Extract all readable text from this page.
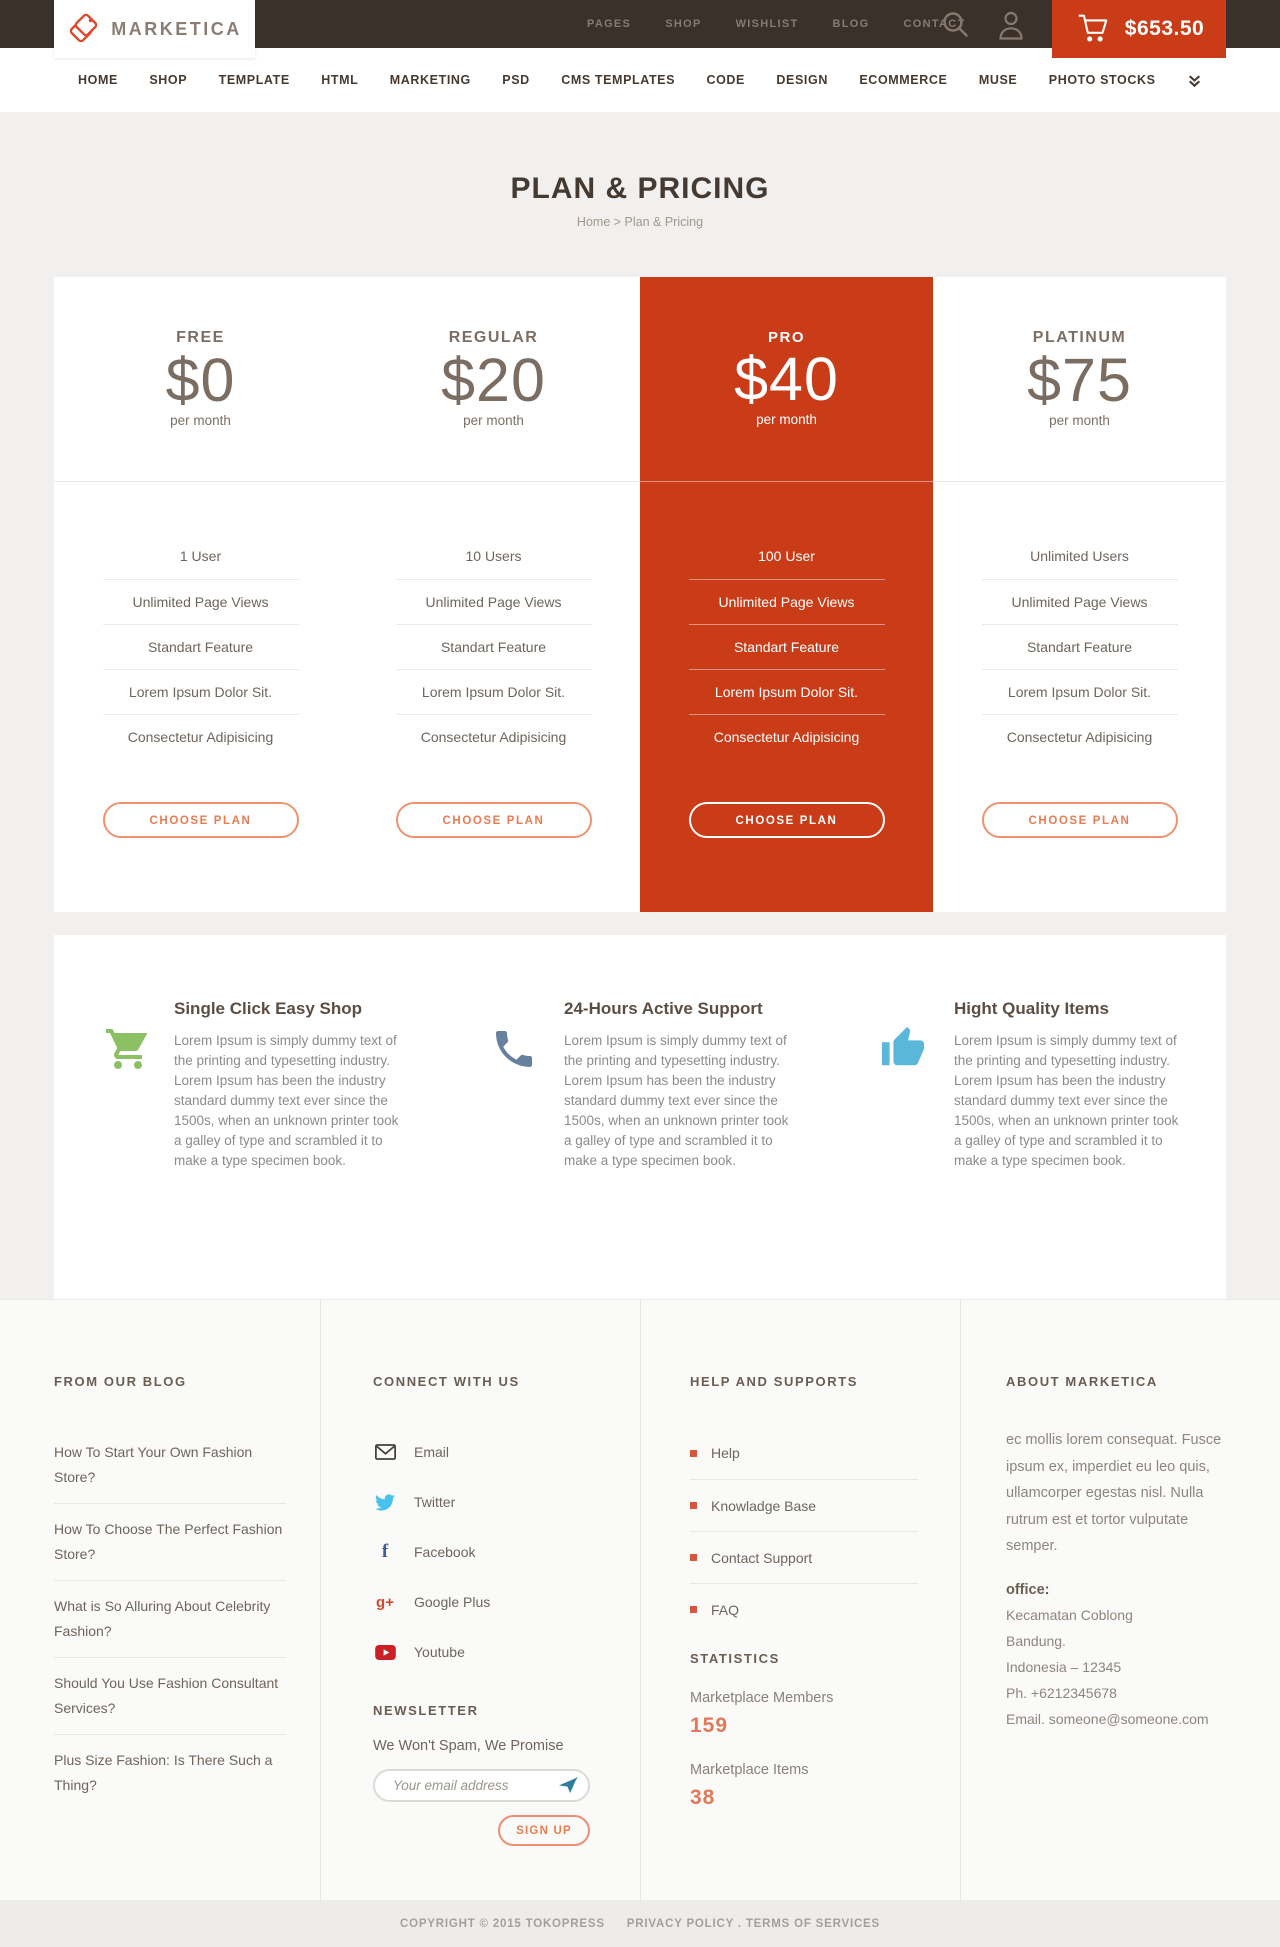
MARKETICA	PAGES	SHOP	WISHLIST	BLOG	CONTACT	$653.50
HOME	SHOP	TEMPLATE	HTML	MARKETING	PSD	CMS TEMPLATES	CODE	DESIGN	ECOMMERCE	MUSE	PHOTO STOCKS
PLAN & PRICING
Home > Plan & Pricing
FREE
$0
per month
1 User
Unlimited Page Views
Standart Feature
Lorem Ipsum Dolor Sit.
Consectetur Adipisicing
CHOOSE PLAN
REGULAR
$20
per month
10 Users
Unlimited Page Views
Standart Feature
Lorem Ipsum Dolor Sit.
Consectetur Adipisicing
CHOOSE PLAN
PRO
$40
per month
100 User
Unlimited Page Views
Standart Feature
Lorem Ipsum Dolor Sit.
Consectetur Adipisicing
CHOOSE PLAN
PLATINUM
$75
per month
Unlimited Users
Unlimited Page Views
Standart Feature
Lorem Ipsum Dolor Sit.
Consectetur Adipisicing
CHOOSE PLAN
Single Click Easy Shop

Lorem Ipsum is simply dummy text of the printing and typesetting industry. Lorem Ipsum has been the industry standard dummy text ever since the 1500s, when an unknown printer took a galley of type and scrambled it to make a type specimen book.

24-Hours Active Support

Lorem Ipsum is simply dummy text of the printing and typesetting industry. Lorem Ipsum has been the industry standard dummy text ever since the 1500s, when an unknown printer took a galley of type and scrambled it to make a type specimen book.

Hight Quality Items

Lorem Ipsum is simply dummy text of the printing and typesetting industry. Lorem Ipsum has been the industry standard dummy text ever since the 1500s, when an unknown printer took a galley of type and scrambled it to make a type specimen book.

FROM OUR BLOG
How To Start Your Own Fashion Store?
How To Choose The Perfect Fashion Store?
What is So Alluring About Celebrity Fashion?
Should You Use Fashion Consultant Services?
Plus Size Fashion: Is There Such a Thing?
CONNECT WITH US
Email
Twitter
f Facebook
g+ Google Plus
Youtube
NEWSLETTER
We Won't Spam, We Promise
Your email address
SIGN UP
HELP AND SUPPORTS
Help
Knowladge Base
Contact Support
FAQ
STATISTICS
Marketplace Members
159
Marketplace Items
38
ABOUT MARKETICA

ec mollis lorem consequat. Fusce ipsum ex, imperdiet eu leo quis, ullamcorper egestas nisl. Nulla rutrum est et tortor vulputate semper.

office:
Kecamatan Coblong
Bandung.
Indonesia – 12345
Ph. +6212345678
Email. someone@someone.com
COPYRIGHT © 2015 TOKOPRESS PRIVACY POLICY . TERMS OF SERVICES
